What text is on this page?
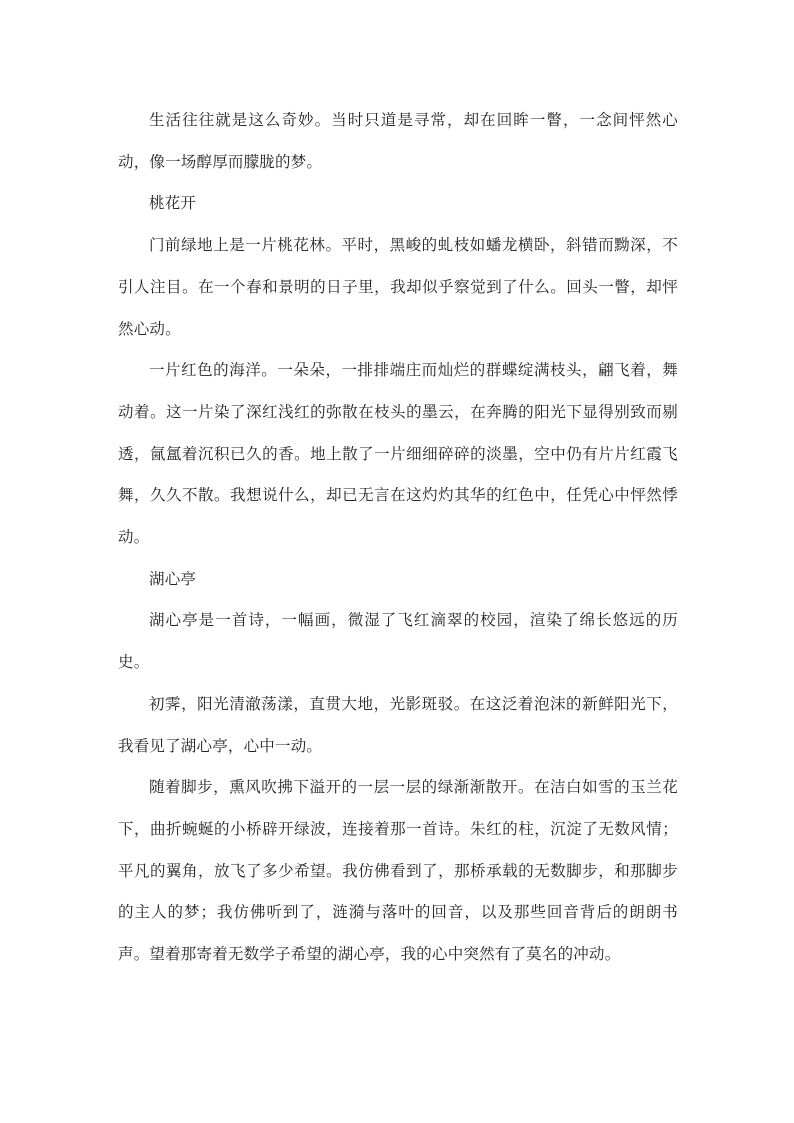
生活往往就是这么奇妙。当时只道是寻常，却在回眸一瞥，一念间怦然心动，像一场醇厚而朦胧的梦。

桃花开

门前绿地上是一片桃花林。平时，黑峻的虬枝如蟠龙横卧，斜错而黝深，不引人注目。在一个春和景明的日子里，我却似乎察觉到了什么。回头一瞥，却怦然心动。

一片红色的海洋。一朵朵，一排排端庄而灿烂的群蝶绽满枝头，翩飞着，舞动着。这一片染了深红浅红的弥散在枝头的墨云，在奔腾的阳光下显得别致而剔透，氤氲着沉积已久的香。地上散了一片细细碎碎的淡墨，空中仍有片片红霞飞舞，久久不散。我想说什么，却已无言在这灼灼其华的红色中，任凭心中怦然悸动。

湖心亭

湖心亭是一首诗，一幅画，微湿了飞红滴翠的校园，渲染了绵长悠远的历史。

初霁，阳光清澈荡漾，直贯大地，光影斑驳。在这泛着泡沫的新鲜阳光下，我看见了湖心亭，心中一动。

随着脚步，熏风吹拂下溢开的一层一层的绿渐渐散开。在洁白如雪的玉兰花下，曲折蜿蜒的小桥辟开绿波，连接着那一首诗。朱红的柱，沉淀了无数风情；平凡的翼角，放飞了多少希望。我仿佛看到了，那桥承载的无数脚步，和那脚步的主人的梦；我仿佛听到了，涟漪与落叶的回音，以及那些回音背后的朗朗书声。望着那寄着无数学子希望的湖心亭，我的心中突然有了莫名的冲动。
